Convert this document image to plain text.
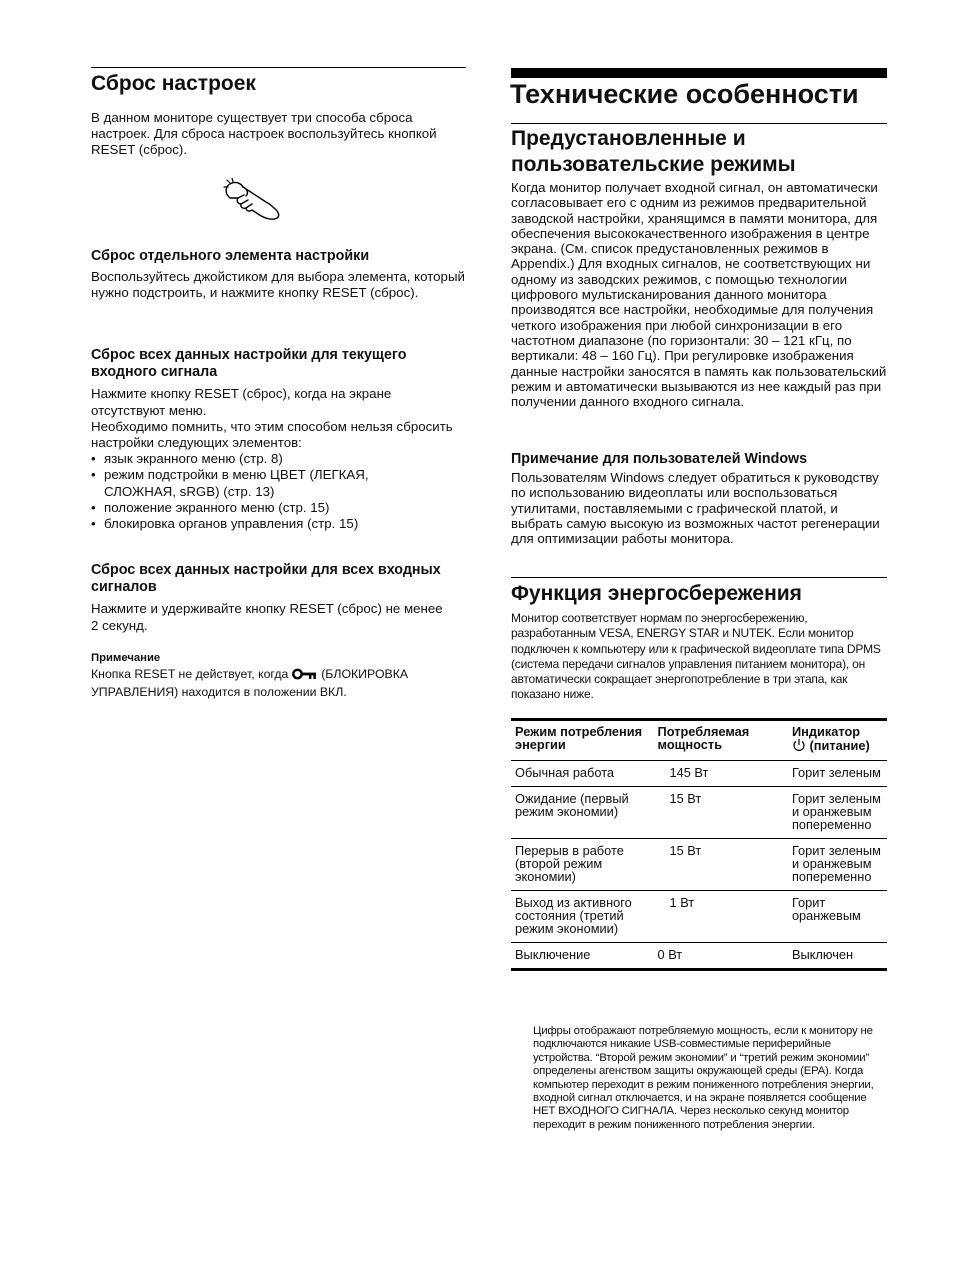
Сброс настроек

В данном мониторе существует три способа сброса настроек. Для сброса настроек воспользуйтесь кнопкой RESET (сброс).

Сброс отдельного элемента настройки

Воспользуйтесь джойстиком для выбора элемента, который нужно подстроить, и нажмите кнопку RESET (сброс).

Сброс всех данных настройки для текущего входного сигнала

Нажмите кнопку RESET (сброс), когда на экране отсутствуют меню.

Необходимо помнить, что этим способом нельзя сбросить настройки следующих элементов:

• язык экранного меню (стр. 8)
• режим подстройки в меню ЦВЕТ (ЛЕГКАЯ, СЛОЖНАЯ, sRGB) (стр. 13)
• положение экранного меню (стр. 15)
• блокировка органов управления (стр. 15)
Сброс всех данных настройки для всех входных сигналов

Нажмите и удерживайте кнопку RESET (сброс) не менее 2 секунд.

Примечание

Кнопка RESET не действует, когда  (БЛОКИРОВКА УПРАВЛЕНИЯ) находится в положении ВКЛ.

Технические особенности
Предустановленные и пользовательские режимы

Когда монитор получает входной сигнал, он автоматически согласовывает его с одним из режимов предварительной заводской настройки, хранящимся в памяти монитора, для обеспечения высококачественного изображения в центре экрана. (См. список предустановленных режимов в Appendix.) Для входных сигналов, не соответствующих ни одному из заводских режимов, с помощью технологии цифрового мультисканирования данного монитора производятся все настройки, необходимые для получения четкого изображения при любой синхронизации в его частотном диапазоне (по горизонтали: 30 – 121 кГц, по вертикали: 48 – 160 Гц). При регулировке изображения данные настройки заносятся в память как пользовательский режим и автоматически вызываются из нее каждый раз при получении данного входного сигнала.

Примечание для пользователей Windows

Пользователям Windows следует обратиться к руководству по использованию видеоплаты или воспользоваться утилитами, поставляемыми с графической платой, и выбрать самую высокую из возможных частот регенерации для оптимизации работы монитора.

Функция энергосбережения

Монитор соответствует нормам по энергосбережению, разработанным VESA, ENERGY STAR и NUTEK. Если монитор подключен к компьютеру или к графической видеоплате типа DPMS (система передачи сигналов управления питанием монитора), он автоматически сокращает энергопотребление в три этапа, как показано ниже.

Режим потребления энергии	Потребляемая мощность	Индикатор
(питание)
Обычная работа	145 Вт	Горит зеленым
Ожидание (первый режим экономии)	15 Вт	Горит зеленым и оранжевым попеременно
Перерыв в работе (второй режим экономии)	15 Вт	Горит зеленым и оранжевым попеременно
Выход из активного состояния (третий режим экономии)	1 Вт	Горит оранжевым
Выключение	0 Вт	Выключен

Цифры отображают потребляемую мощность, если к монитору не подключаются никакие USB-совместимые периферийные устройства. “Второй режим экономии” и “третий режим экономии” определены агенством защиты окружающей среды (EPA). Когда компьютер переходит в режим пониженного потребления энергии, входной сигнал отключается, и на экране появляется сообщение НЕТ ВХОДНОГО СИГНАЛА. Через несколько секунд монитор переходит в режим пониженного потребления энергии.
